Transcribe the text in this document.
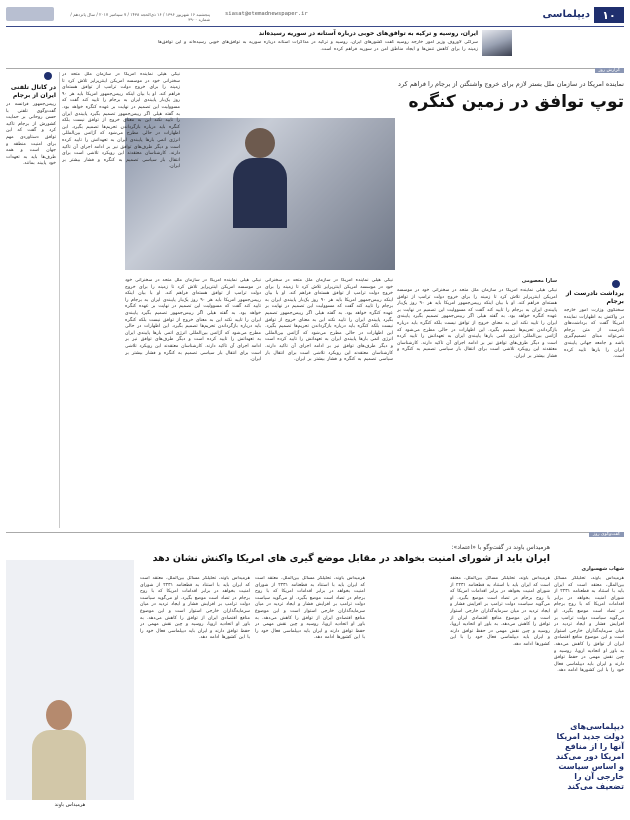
۱۰
دیپلماسی
siasat@etemadnewspaper.ir
پنجشنبه ۱۶ شهریور ۱۳۹۶ / ۱۶ ذی‌الحجه ۱۴۳۸ / ۷ سپتامبر ۲۰۱۷ / سال پانزدهم / شماره ۳۹۰۰
ایران، روسیه و ترکیه به توافق‌های خوبی درباره آستانه در سوریه رسیده‌اند
سرگئی لاوروف وزیر امور خارجه روسیه گفت کشورهای ایران، روسیه و ترکیه در مذاکرات آستانه درباره سوریه به توافق‌های خوبی رسیده‌اند و این توافق‌ها زمینه را برای کاهش تنش‌ها و ایجاد مناطق امن در سوریه فراهم کرده است.
گزارش روز
نماینده امریکا در سازمان ملل بستر لازم برای خروج واشنگتن از برجام را فراهم کرد
توپ توافق در زمین کنگره
برداشت نادرست از برجام
سخنگوی وزارت امور خارجه در واکنش به اظهارات نماینده امریکا گفت که برداشت‌های نادرست از متن برجام نمی‌تواند مبنای تصمیم‌گیری باشد و جامعه جهانی پایبندی ایران را بارها تایید کرده است.
سارا معصومی
نیکی هیلی نماینده امریکا در سازمان ملل متحد در سخنرانی خود در موسسه امریکن اینترپرایز تلاش کرد تا زمینه را برای خروج دولت ترامپ از توافق هسته‌ای فراهم کند. او با بیان اینکه رییس‌جمهور امریکا باید هر ۹۰ روز یک‌بار پایبندی ایران به برجام را تایید کند گفت که مسوولیت این تصمیم در نهایت بر عهده کنگره خواهد بود. به گفته هیلی اگر رییس‌جمهور تصمیم بگیرد پایبندی ایران را تایید نکند این به معنای خروج از توافق نیست بلکه کنگره باید درباره بازگرداندن تحریم‌ها تصمیم بگیرد. این اظهارات در حالی مطرح می‌شود که آژانس بین‌المللی انرژی اتمی بارها پایبندی ایران به تعهداتش را تایید کرده است و دیگر طرف‌های توافق نیز بر ادامه اجرای آن تاکید دارند. کارشناسان معتقدند این رویکرد تلاشی است برای انتقال بار سیاسی تصمیم به کنگره و فشار بیشتر بر ایران.
نیکی هیلی نماینده امریکا در سازمان ملل متحد در سخنرانی خود در موسسه امریکن اینترپرایز تلاش کرد تا زمینه را برای خروج دولت ترامپ از توافق هسته‌ای فراهم کند. او با بیان اینکه رییس‌جمهور امریکا باید هر ۹۰ روز یک‌بار پایبندی ایران به برجام را تایید کند گفت که مسوولیت این تصمیم در نهایت بر عهده کنگره خواهد بود. به گفته هیلی اگر رییس‌جمهور تصمیم بگیرد پایبندی ایران را تایید نکند این به معنای خروج از توافق نیست بلکه کنگره باید درباره بازگرداندن تحریم‌ها تصمیم بگیرد. این اظهارات در حالی مطرح می‌شود که آژانس بین‌المللی انرژی اتمی بارها پایبندی ایران به تعهداتش را تایید کرده است و دیگر طرف‌های توافق نیز بر ادامه اجرای آن تاکید دارند. کارشناسان معتقدند این رویکرد تلاشی است برای انتقال بار سیاسی تصمیم به کنگره و فشار بیشتر بر ایران.
نیکی هیلی نماینده امریکا در سازمان ملل متحد در سخنرانی خود در موسسه امریکن اینترپرایز تلاش کرد تا زمینه را برای خروج دولت ترامپ از توافق هسته‌ای فراهم کند. او با بیان اینکه رییس‌جمهور امریکا باید هر ۹۰ روز یک‌بار پایبندی ایران به برجام را تایید کند گفت که مسوولیت این تصمیم در نهایت بر عهده کنگره خواهد بود. به گفته هیلی اگر رییس‌جمهور تصمیم بگیرد پایبندی ایران را تایید نکند این به معنای خروج از توافق نیست بلکه کنگره باید درباره بازگرداندن تحریم‌ها تصمیم بگیرد. این اظهارات در حالی مطرح می‌شود که آژانس بین‌المللی انرژی اتمی بارها پایبندی ایران به تعهداتش را تایید کرده است و دیگر طرف‌های توافق نیز بر ادامه اجرای آن تاکید دارند. کارشناسان معتقدند این رویکرد تلاشی است برای انتقال بار سیاسی تصمیم به کنگره و فشار بیشتر بر ایران.
نیکی هیلی نماینده امریکا در سازمان ملل متحد در سخنرانی خود در موسسه امریکن اینترپرایز تلاش کرد تا زمینه را برای خروج دولت ترامپ از توافق هسته‌ای فراهم کند. او با بیان اینکه رییس‌جمهور امریکا باید هر ۹۰ روز یک‌بار پایبندی ایران به برجام را تایید کند گفت که مسوولیت این تصمیم در نهایت بر عهده کنگره خواهد بود. به گفته هیلی اگر رییس‌جمهور تصمیم بگیرد پایبندی ایران را تایید نکند این به معنای خروج از توافق نیست بلکه کنگره باید درباره بازگرداندن تحریم‌ها تصمیم بگیرد. این اظهارات در حالی مطرح می‌شود که آژانس بین‌المللی انرژی اتمی بارها پایبندی ایران به تعهداتش را تایید کرده است و دیگر طرف‌های توافق نیز بر ادامه اجرای آن تاکید دارند. کارشناسان معتقدند این رویکرد تلاشی است برای انتقال بار سیاسی تصمیم به کنگره و فشار بیشتر بر ایران.
در کانال تلفنی ایران از برجام
رییس‌جمهور فرانسه در گفت‌وگوی تلفنی با حسن روحانی بر حمایت کشورش از برجام تاکید کرد و گفت که این توافق دستاوردی مهم برای امنیت منطقه و جهان است و همه طرف‌ها باید به تعهدات خود پایبند بمانند.
گفت‌وگوی روز
هرمیداس باوند در گفت‌وگو با «اعتماد»:
ایران باید از شورای امنیت بخواهد در مقابل موضع گیری های امریکا واکنش نشان دهد
شهاب شهسواری
هرمیداس باوند، تحلیلگر مسائل بین‌الملل، معتقد است که ایران باید با استناد به قطعنامه ۲۲۳۱ از شورای امنیت بخواهد در برابر اقدامات امریکا که با روح برجام در تضاد است موضع بگیرد. او می‌گوید سیاست دولت ترامپ بر افزایش فشار و ایجاد تردید در میان سرمایه‌گذاران خارجی استوار است و این موضوع منافع اقتصادی ایران از توافق را کاهش می‌دهد. به باور او اتحادیه اروپا، روسیه و چین نقش مهمی در حفظ توافق دارند و ایران باید دیپلماسی فعال خود را با این کشورها ادامه دهد.
هرمیداس باوند، تحلیلگر مسائل بین‌الملل، معتقد است که ایران باید با استناد به قطعنامه ۲۲۳۱ از شورای امنیت بخواهد در برابر اقدامات امریکا که با روح برجام در تضاد است موضع بگیرد. او می‌گوید سیاست دولت ترامپ بر افزایش فشار و ایجاد تردید در میان سرمایه‌گذاران خارجی استوار است و این موضوع منافع اقتصادی ایران از توافق را کاهش می‌دهد. به باور او اتحادیه اروپا، روسیه و چین نقش مهمی در حفظ توافق دارند و ایران باید دیپلماسی فعال خود را با این کشورها ادامه دهد.
هرمیداس باوند، تحلیلگر مسائل بین‌الملل، معتقد است که ایران باید با استناد به قطعنامه ۲۲۳۱ از شورای امنیت بخواهد در برابر اقدامات امریکا که با روح برجام در تضاد است موضع بگیرد. او می‌گوید سیاست دولت ترامپ بر افزایش فشار و ایجاد تردید در میان سرمایه‌گذاران خارجی استوار است و این موضوع منافع اقتصادی ایران از توافق را کاهش می‌دهد. به باور او اتحادیه اروپا، روسیه و چین نقش مهمی در حفظ توافق دارند و ایران باید دیپلماسی فعال خود را با این کشورها ادامه دهد.
هرمیداس باوند، تحلیلگر مسائل بین‌الملل، معتقد است که ایران باید با استناد به قطعنامه ۲۲۳۱ از شورای امنیت بخواهد در برابر اقدامات امریکا که با روح برجام در تضاد است موضع بگیرد. او می‌گوید سیاست دولت ترامپ بر افزایش فشار و ایجاد تردید در میان سرمایه‌گذاران خارجی استوار است و این موضوع منافع اقتصادی ایران از توافق را کاهش می‌دهد. به باور او اتحادیه اروپا، روسیه و چین نقش مهمی در حفظ توافق دارند و ایران باید دیپلماسی فعال خود را با این کشورها ادامه دهد.
دیپلماسی‌های دولت جدید امریکا آنها را از منافع امریکا دور می‌کند و اساس سیاست خارجی آن را تضعیف می‌کند
هرمیداس باوند
